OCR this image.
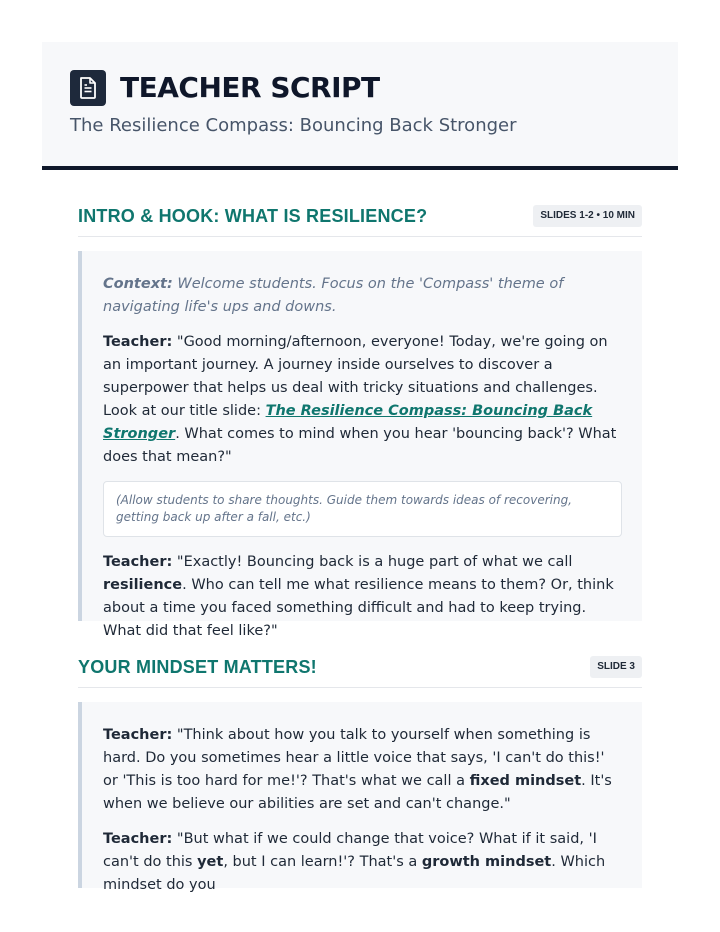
TEACHER SCRIPT
The Resilience Compass: Bouncing Back Stronger
INTRO & HOOK: WHAT IS RESILIENCE?	SLIDES 1-2 • 10 MIN

Context: Welcome students. Focus on the 'Compass' theme of navigating life's ups and downs.

Teacher: "Good morning/afternoon, everyone! Today, we're going on an important journey. A journey inside ourselves to discover a superpower that helps us deal with tricky situations and challenges. Look at our title slide: The Resilience Compass: Bouncing Back Stronger. What comes to mind when you hear 'bouncing back'? What does that mean?"

(Allow students to share thoughts. Guide them towards ideas of recovering, getting back up after a fall, etc.)

Teacher: "Exactly! Bouncing back is a huge part of what we call resilience. Who can tell me what resilience means to them? Or, think about a time you faced something difficult and had to keep trying. What did that feel like?"

YOUR MINDSET MATTERS!	SLIDE 3

Teacher: "Think about how you talk to yourself when something is hard. Do you sometimes hear a little voice that says, 'I can't do this!' or 'This is too hard for me!'? That's what we call a fixed mindset. It's when we believe our abilities are set and can't change."

Teacher: "But what if we could change that voice? What if it said, 'I can't do this yet, but I can learn!'? That's a growth mindset. Which mindset do you
